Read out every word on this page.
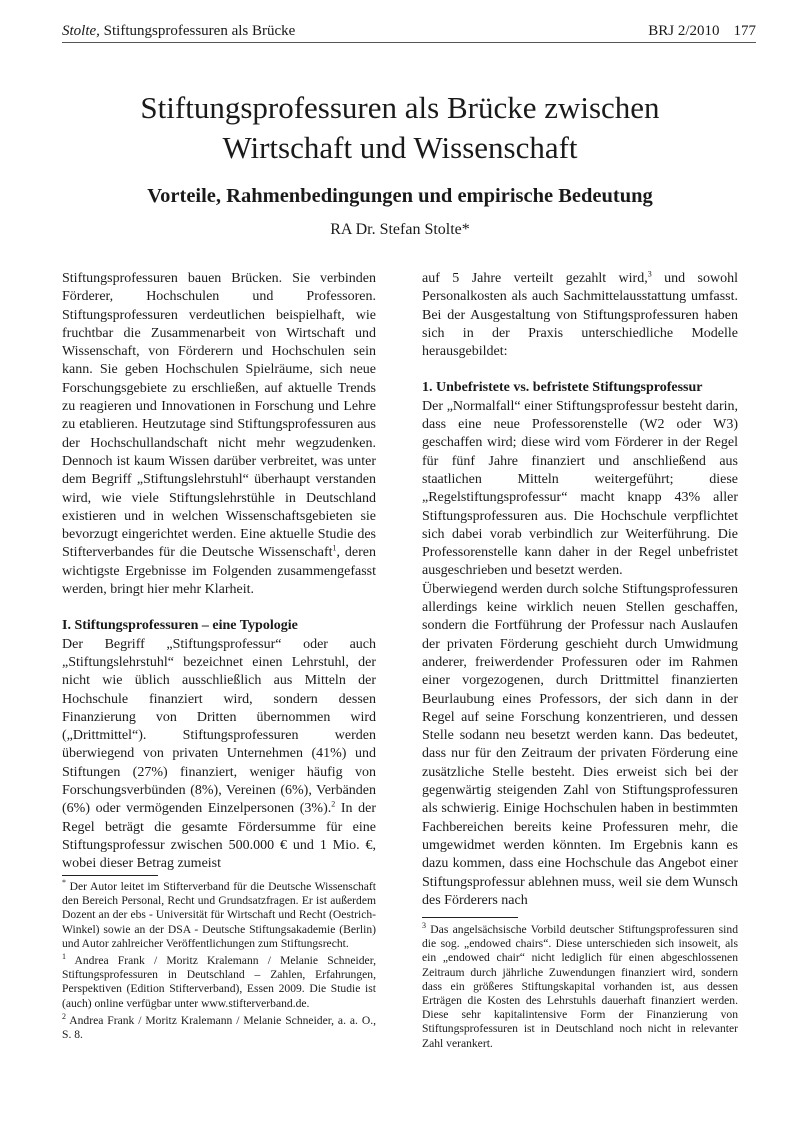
Stolte, Stiftungsprofessuren als Brücke	BRJ 2/2010 177
Stiftungsprofessuren als Brücke zwischen
Wirtschaft und Wissenschaft
Vorteile, Rahmenbedingungen und empirische Bedeutung
RA Dr. Stefan Stolte*

Stiftungsprofessuren bauen Brücken. Sie verbinden Förderer, Hochschulen und Professoren. Stiftungsprofessuren verdeutlichen beispielhaft, wie fruchtbar die Zusammenarbeit von Wirtschaft und Wissenschaft, von Förderern und Hochschulen sein kann. Sie geben Hochschulen Spielräume, sich neue Forschungsgebiete zu erschließen, auf aktuelle Trends zu reagieren und Innovationen in Forschung und Lehre zu etablieren. Heutzutage sind Stiftungsprofessuren aus der Hochschullandschaft nicht mehr wegzudenken. Dennoch ist kaum Wissen darüber verbreitet, was unter dem Begriff „Stiftungslehrstuhl“ überhaupt verstanden wird, wie viele Stiftungslehrstühle in Deutschland existieren und in welchen Wissenschaftsgebieten sie bevorzugt eingerichtet werden. Eine aktuelle Studie des Stifterverbandes für die Deutsche Wissenschaft$^1$, deren wichtigste Ergebnisse im Folgenden zusammengefasst werden, bringt hier mehr Klarheit.

I. Stiftungsprofessuren – eine Typologie

Der Begriff „Stiftungsprofessur“ oder auch „Stiftungslehrstuhl“ bezeichnet einen Lehrstuhl, der nicht wie üblich ausschließlich aus Mitteln der Hochschule finanziert wird, sondern dessen Finanzierung von Dritten übernommen wird („Drittmittel“). Stiftungsprofessuren werden überwiegend von privaten Unternehmen (41%) und Stiftungen (27%) finanziert, weniger häufig von Forschungsverbünden (8%), Vereinen (6%), Verbänden (6%) oder vermögenden Einzelpersonen (3%).$^2$ In der Regel beträgt die gesamte Fördersumme für eine Stiftungsprofessur zwischen 500.000 € und 1 Mio. €, wobei dieser Betrag zumeist

auf 5 Jahre verteilt gezahlt wird,$^3$ und sowohl Personalkosten als auch Sachmittelausstattung umfasst. Bei der Ausgestaltung von Stiftungsprofessuren haben sich in der Praxis unterschiedliche Modelle herausgebildet:

1. Unbefristete vs. befristete Stiftungsprofessur

Der „Normalfall“ einer Stiftungsprofessur besteht darin, dass eine neue Professorenstelle (W2 oder W3) geschaffen wird; diese wird vom Förderer in der Regel für fünf Jahre finanziert und anschließend aus staatlichen Mitteln weitergeführt; diese „Regelstiftungsprofessur“ macht knapp 43% aller Stiftungsprofessuren aus. Die Hochschule verpflichtet sich dabei vorab verbindlich zur Weiterführung. Die Professorenstelle kann daher in der Regel unbefristet ausgeschrieben und besetzt werden.

Überwiegend werden durch solche Stiftungsprofessuren allerdings keine wirklich neuen Stellen geschaffen, sondern die Fortführung der Professur nach Auslaufen der privaten Förderung geschieht durch Umwidmung anderer, freiwerdender Professuren oder im Rahmen einer vorgezogenen, durch Drittmittel finanzierten Beurlaubung eines Professors, der sich dann in der Regel auf seine Forschung konzentrieren, und dessen Stelle sodann neu besetzt werden kann. Das bedeutet, dass nur für den Zeitraum der privaten Förderung eine zusätzliche Stelle besteht. Dies erweist sich bei der gegenwärtig steigenden Zahl von Stiftungsprofessuren als schwierig. Einige Hochschulen haben in bestimmten Fachbereichen bereits keine Professuren mehr, die umgewidmet werden könnten. Im Ergebnis kann es dazu kommen, dass eine Hochschule das Angebot einer Stiftungsprofessur ablehnen muss, weil sie dem Wunsch des Förderers nach

* Der Autor leitet im Stifterverband für die Deutsche Wissenschaft den Bereich Personal, Recht und Grundsatzfragen. Er ist außerdem Dozent an der ebs - Universität für Wirtschaft und Recht (Oestrich-Winkel) sowie an der DSA - Deutsche Stiftungsakademie (Berlin) und Autor zahlreicher Veröffentlichungen zum Stiftungsrecht.

$^1$ Andrea Frank / Moritz Kralemann / Melanie Schneider, Stiftungsprofessuren in Deutschland – Zahlen, Erfahrungen, Perspektiven (Edition Stifterverband), Essen 2009. Die Studie ist (auch) online verfügbar unter www.stifterverband.de.

$^2$ Andrea Frank / Moritz Kralemann / Melanie Schneider, a. a. O., S. 8.

$^3$ Das angelsächsische Vorbild deutscher Stiftungsprofessuren sind die sog. „endowed chairs“. Diese unterschieden sich insoweit, als ein „endowed chair“ nicht lediglich für einen abgeschlossenen Zeitraum durch jährliche Zuwendungen finanziert wird, sondern dass ein größeres Stiftungskapital vorhanden ist, aus dessen Erträgen die Kosten des Lehrstuhls dauerhaft finanziert werden. Diese sehr kapitalintensive Form der Finanzierung von Stiftungsprofessuren ist in Deutschland noch nicht in relevanter Zahl verankert.
